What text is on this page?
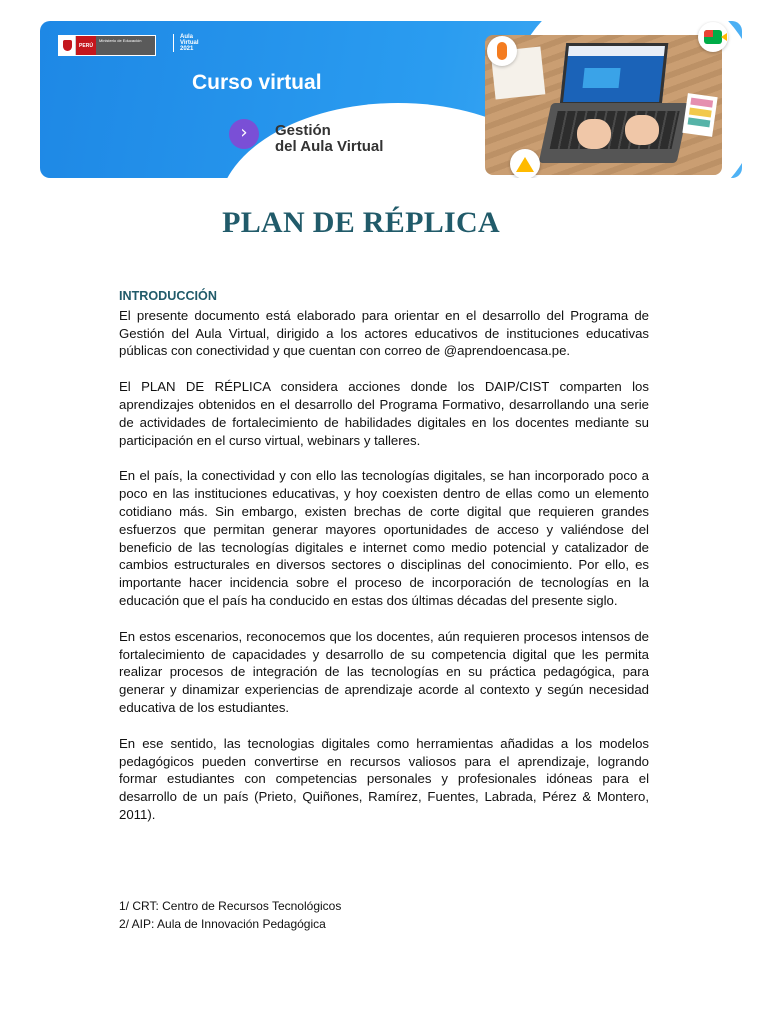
PERÚ
Ministerio de Educación
Aula
Virtual
2021
Curso virtual
›	Gestión
del Aula Virtual
PLAN DE RÉPLICA
INTRODUCCIÓN

El presente documento está elaborado para orientar en el desarrollo del Programa de Gestión del Aula Virtual, dirigido a los actores educativos de instituciones educativas públicas con conectividad y que cuentan con correo de @aprendoencasa.pe.

El PLAN DE RÉPLICA considera acciones donde los DAIP/CIST comparten los aprendizajes obtenidos en el desarrollo del Programa Formativo, desarrollando una serie de actividades de fortalecimiento de habilidades digitales en los docentes mediante su participación en el curso virtual, webinars y talleres.

En el país, la conectividad y con ello las tecnologías digitales, se han incorporado poco a poco en las instituciones educativas, y hoy coexisten dentro de ellas como un elemento cotidiano más. Sin embargo, existen brechas de corte digital que requieren grandes esfuerzos que permitan generar mayores oportunidades de acceso y valiéndose del beneficio de las tecnologías digitales e internet como medio potencial y catalizador de cambios estructurales en diversos sectores o disciplinas del conocimiento. Por ello, es importante hacer incidencia sobre el proceso de incorporación de tecnologías en la educación que el país ha conducido en estas dos últimas décadas del presente siglo.

En estos escenarios, reconocemos que los docentes, aún requieren procesos intensos de fortalecimiento de capacidades y desarrollo de su competencia digital que les permita realizar procesos de integración de las tecnologías en su práctica pedagógica, para generar y dinamizar experiencias de aprendizaje acorde al contexto y según necesidad educativa de los estudiantes.

En ese sentido, las tecnologias digitales como herramientas añadidas a los modelos pedagógicos pueden convertirse en recursos valiosos para el aprendizaje, logrando formar estudiantes con competencias personales y profesionales idóneas para el desarrollo de un país (Prieto, Quiñones, Ramírez, Fuentes, Labrada, Pérez & Montero, 2011).

1/ CRT: Centro de Recursos Tecnológicos
2/ AIP: Aula de Innovación Pedagógica
